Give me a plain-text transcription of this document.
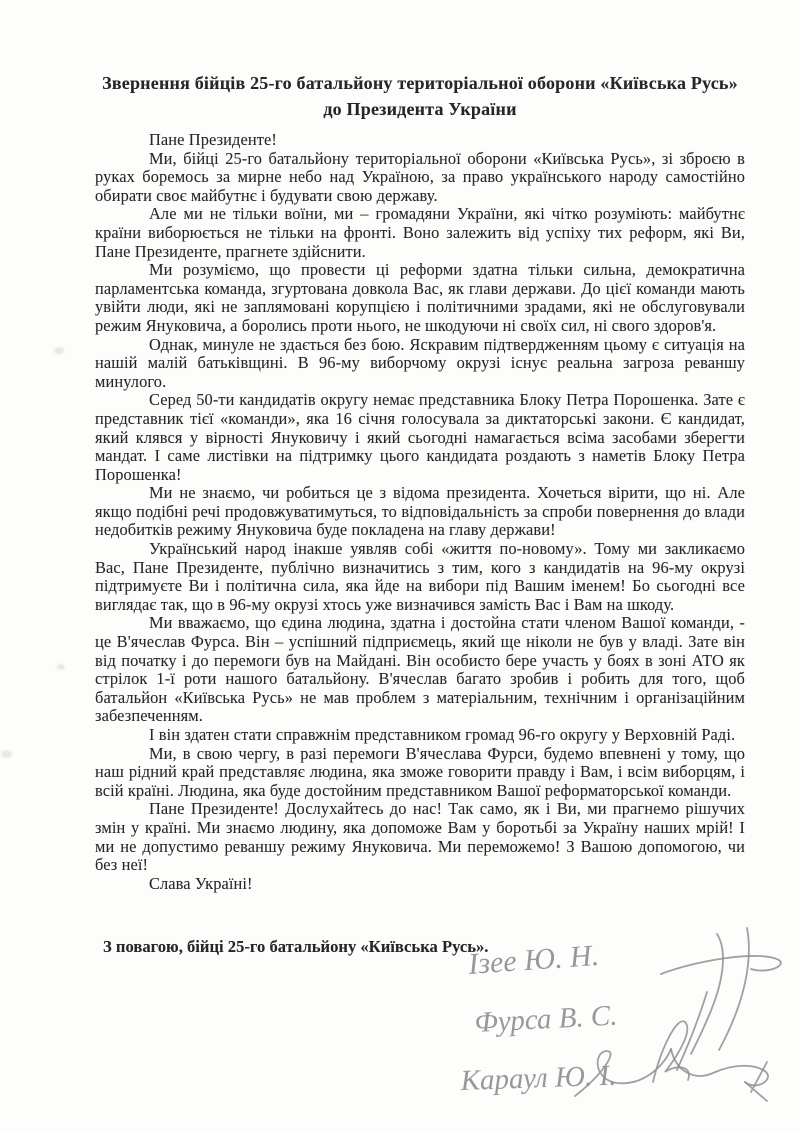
Звернення бійців 25-го батальйону територіальної оборони «Київська Русь» до Президента України

Пане Президенте!

Ми, бійці 25-го батальйону територіальної оборони «Київська Русь», зі зброєю в руках боремось за мирне небо над Україною, за право українського народу самостійно обирати своє майбутнє і будувати свою державу.

Але ми не тільки воїни, ми – громадяни України, які чітко розуміють: майбутнє країни виборюється не тільки на фронті. Воно залежить від успіху тих реформ, які Ви, Пане Президенте, прагнете здійснити.

Ми розуміємо, що провести ці реформи здатна тільки сильна, демократична парламентська команда, згуртована довкола Вас, як глави держави. До цієї команди мають увійти люди, які не заплямовані корупцією і політичними зрадами, які не обслуговували режим Януковича, а боролись проти нього, не шкодуючи ні своїх сил, ні свого здоров'я.

Однак, минуле не здається без бою. Яскравим підтвердженням цьому є ситуація на нашій малій батьківщині. В 96-му виборчому окрузі існує реальна загроза реваншу минулого.

Серед 50-ти кандидатів округу немає представника Блоку Петра Порошенка. Зате є представник тієї «команди», яка 16 січня голосувала за диктаторські закони. Є кандидат, який клявся у вірності Януковичу і який сьогодні намагається всіма засобами зберегти мандат. І саме листівки на підтримку цього кандидата роздають з наметів Блоку Петра Порошенка!

Ми не знаємо, чи робиться це з відома президента. Хочеться вірити, що ні. Але якщо подібні речі продовжуватимуться, то відповідальність за спроби повернення до влади недобитків режиму Януковича буде покладена на главу держави!

Український народ інакше уявляв собі «життя по-новому». Тому ми закликаємо Вас, Пане Президенте, публічно визначитись з тим, кого з кандидатів на 96-му окрузі підтримуєте Ви і політична сила, яка йде на вибори під Вашим іменем! Бо сьогодні все виглядає так, що в 96-му окрузі хтось уже визначився замість Вас і Вам на шкоду.

Ми вважаємо, що єдина людина, здатна і достойна стати членом Вашої команди, - це В'ячеслав Фурса. Він – успішний підприємець, який ще ніколи не був у владі. Зате він від початку і до перемоги був на Майдані. Він особисто бере участь у боях в зоні АТО як стрілок 1-ї роти нашого батальйону. В'ячеслав багато зробив і робить для того, щоб батальйон «Київська Русь» не мав проблем з матеріальним, технічним і організаційним забезпеченням.

І він здатен стати справжнім представником громад 96-го округу у Верховній Раді.

Ми, в свою чергу, в разі перемоги В'ячеслава Фурси, будемо впевнені у тому, що наш рідний край представляє людина, яка зможе говорити правду і Вам, і всім виборцям, і всій країні. Людина, яка буде достойним представником Вашої реформаторської команди.

Пане Президенте! Дослухайтесь до нас! Так само, як і Ви, ми прагнемо рішучих змін у країні. Ми знаємо людину, яка допоможе Вам у боротьбі за Україну наших мрій! І ми не допустимо реваншу режиму Януковича. Ми переможемо! З Вашою допомогою, чи без неї!

Слава Україні!

З повагою, бійці 25-го батальйону «Київська Русь».
Ізее Ю. Н.
Фурса В. С.
Караул Ю. І.
